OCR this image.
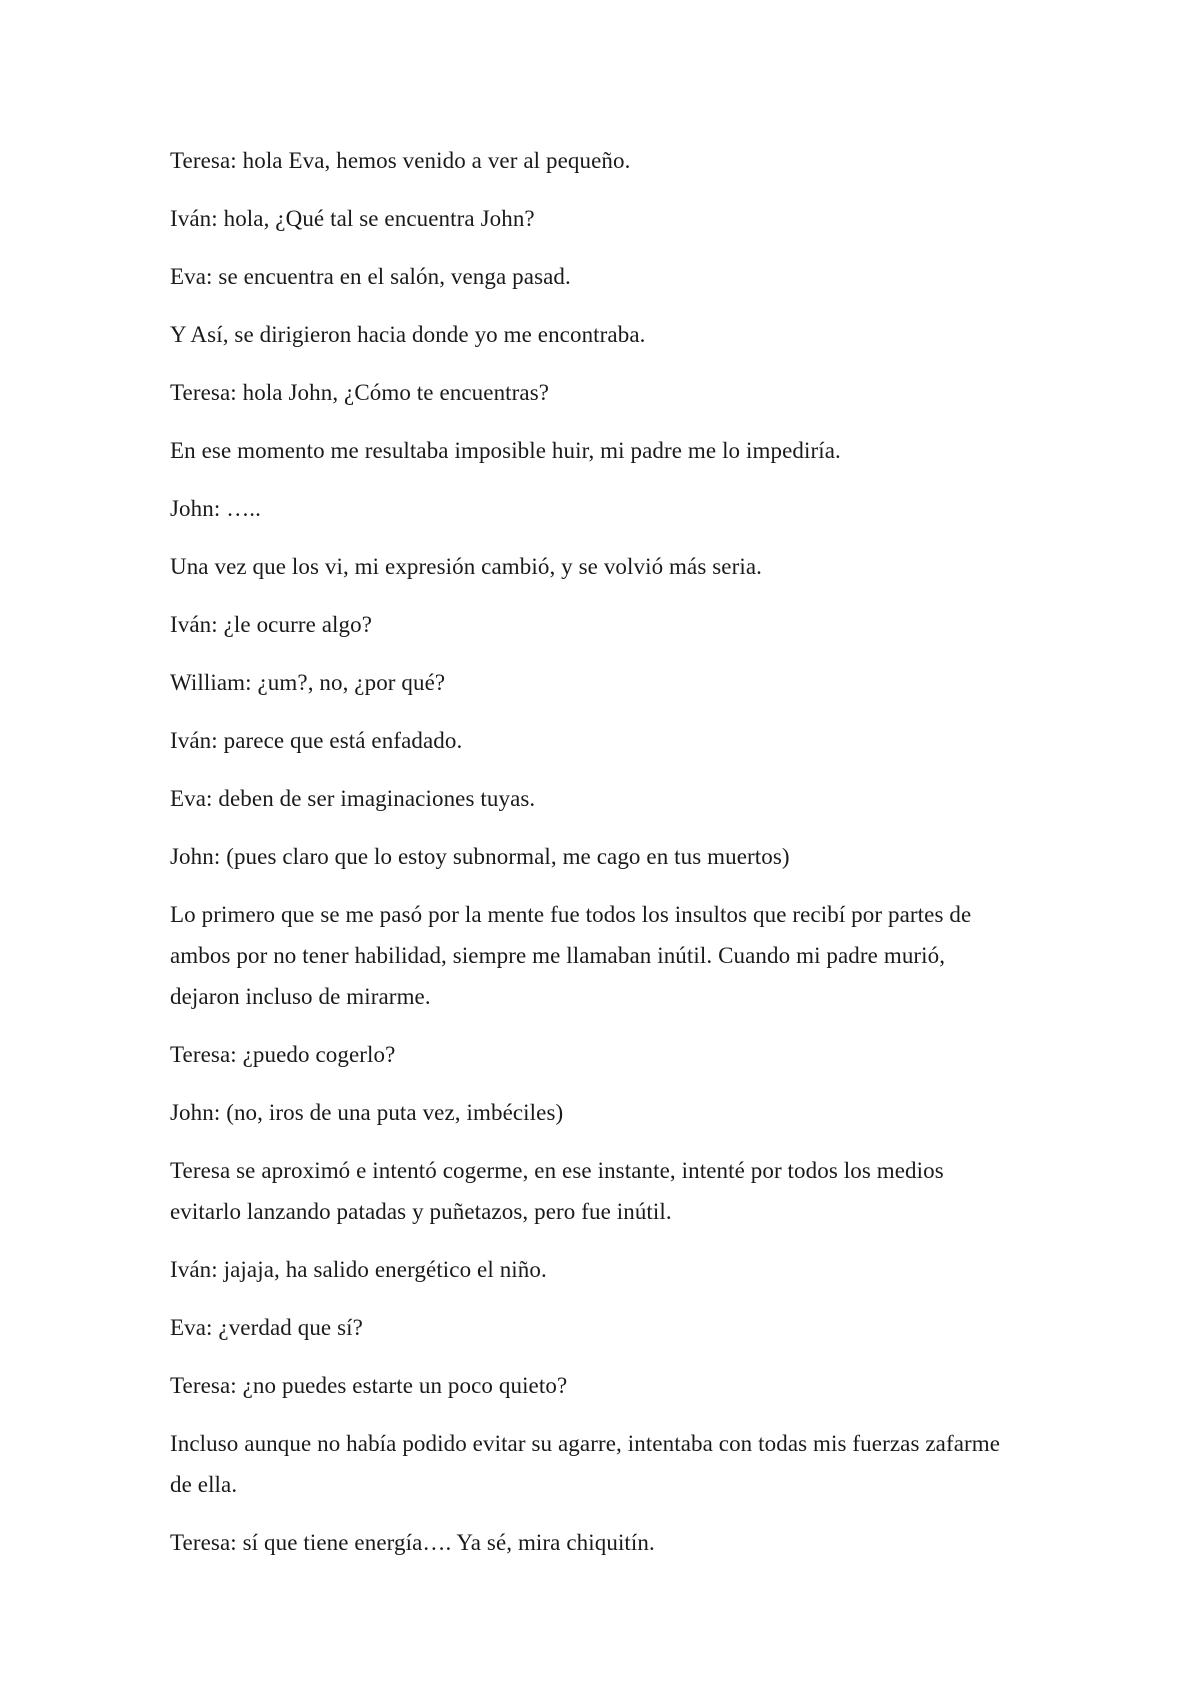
Teresa: hola Eva, hemos venido a ver al pequeño.

Iván: hola, ¿Qué tal se encuentra John?

Eva: se encuentra en el salón, venga pasad.

Y Así, se dirigieron hacia donde yo me encontraba.

Teresa: hola John, ¿Cómo te encuentras?

En ese momento me resultaba imposible huir, mi padre me lo impediría.

John: …..

Una vez que los vi, mi expresión cambió, y se volvió más seria.

Iván: ¿le ocurre algo?

William: ¿um?, no, ¿por qué?

Iván: parece que está enfadado.

Eva: deben de ser imaginaciones tuyas.

John: (pues claro que lo estoy subnormal, me cago en tus muertos)

Lo primero que se me pasó por la mente fue todos los insultos que recibí por partes de ambos por no tener habilidad, siempre me llamaban inútil. Cuando mi padre murió, dejaron incluso de mirarme.

Teresa: ¿puedo cogerlo?

John: (no, iros de una puta vez, imbéciles)

Teresa se aproximó e intentó cogerme, en ese instante, intenté por todos los medios evitarlo lanzando patadas y puñetazos, pero fue inútil.

Iván: jajaja, ha salido energético el niño.

Eva: ¿verdad que sí?

Teresa: ¿no puedes estarte un poco quieto?

Incluso aunque no había podido evitar su agarre, intentaba con todas mis fuerzas zafarme de ella.

Teresa: sí que tiene energía…. Ya sé, mira chiquitín.
